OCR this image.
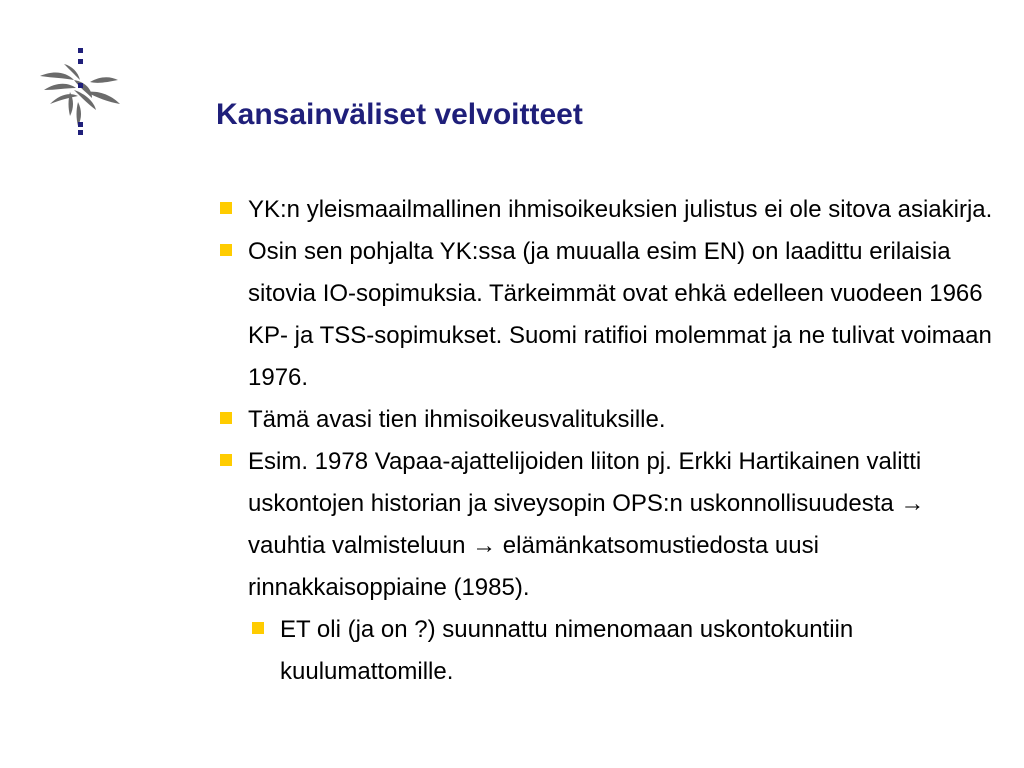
Kansainväliset velvoitteet
YK:n yleismaailmallinen ihmisoikeuksien julistus ei ole sitova asiakirja.
Osin sen pohjalta YK:ssa (ja muualla esim EN) on laadittu erilaisia sitovia IO-sopimuksia. Tärkeimmät ovat ehkä edelleen vuodeen 1966 KP- ja TSS-sopimukset. Suomi ratifioi molemmat ja ne tulivat voimaan 1976.
Tämä avasi tien ihmisoikeusvalituksille.
Esim. 1978 Vapaa-ajattelijoiden liiton pj. Erkki Hartikainen valitti uskontojen historian ja siveysopin OPS:n uskonnollisuudesta → vauhtia valmisteluun → elämänkatsomustiedosta uusi rinnakkaisoppiaine (1985).
ET oli (ja on ?) suunnattu nimenomaan uskontokuntiin kuulumattomille.
